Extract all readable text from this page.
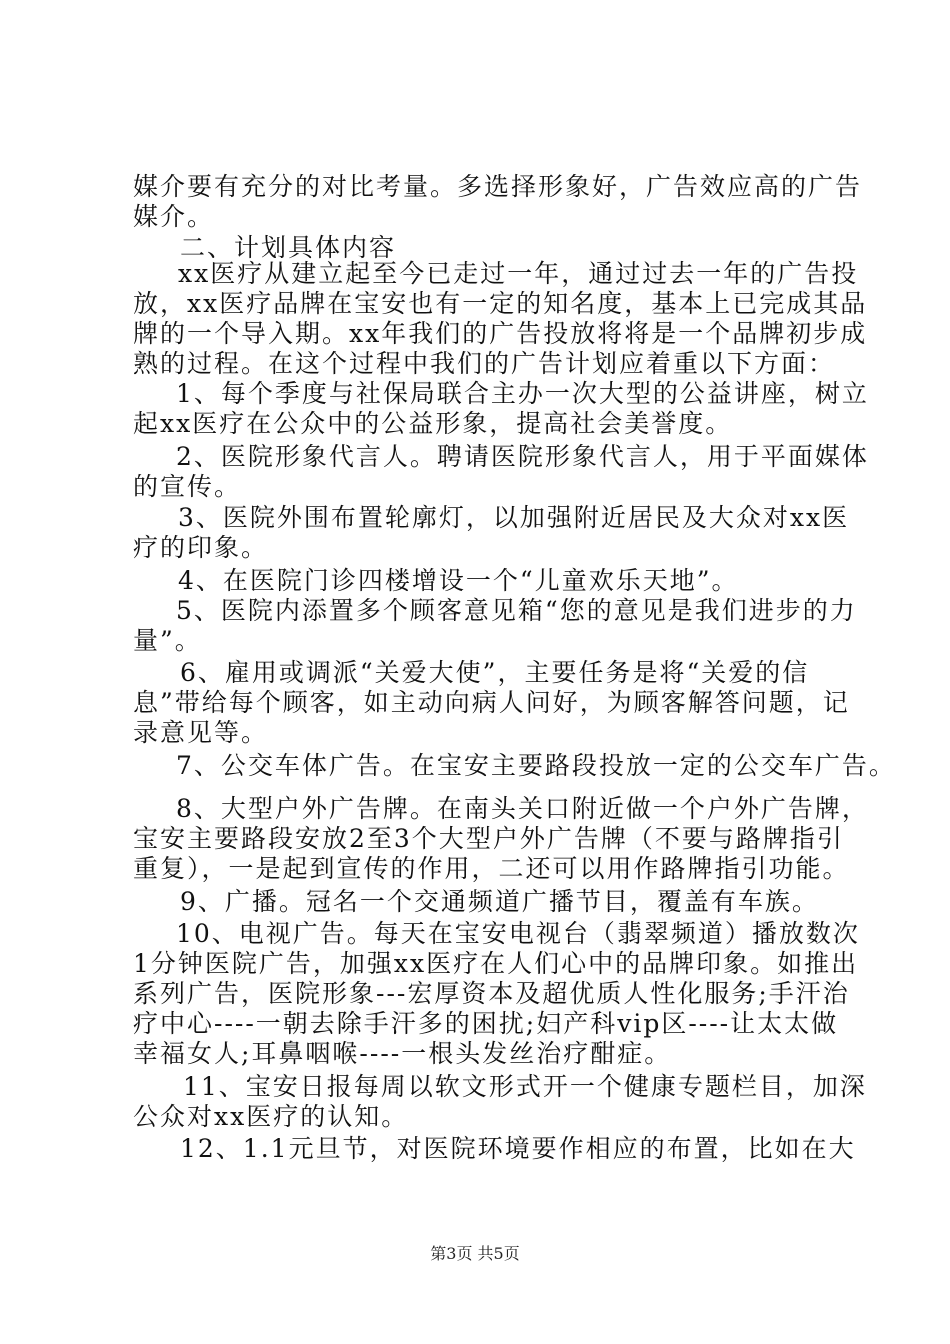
媒介要有充分的对比考量。多选择形象好，广告效应高的广告
媒介。
二、计划具体内容
xx医疗从建立起至今已走过一年，通过过去一年的广告投
放，xx医疗品牌在宝安也有一定的知名度，基本上已完成其品
牌的一个导入期。xx年我们的广告投放将将是一个品牌初步成
熟的过程。在这个过程中我们的广告计划应着重以下方面：
1、每个季度与社保局联合主办一次大型的公益讲座，树立
起xx医疗在公众中的公益形象，提高社会美誉度。
2、医院形象代言人。聘请医院形象代言人，用于平面媒体
的宣传。
3、医院外围布置轮廓灯，以加强附近居民及大众对xx医
疗的印象。
4、在医院门诊四楼增设一个“儿童欢乐天地”。
5、医院内添置多个顾客意见箱“您的意见是我们进步的力
量”。
6、雇用或调派“关爱大使”，主要任务是将“关爱的信
息”带给每个顾客，如主动向病人问好，为顾客解答问题，记
录意见等。
7、公交车体广告。在宝安主要路段投放一定的公交车广告。
8、大型户外广告牌。在南头关口附近做一个户外广告牌，
宝安主要路段安放2至3个大型户外广告牌（不要与路牌指引
重复），一是起到宣传的作用，二还可以用作路牌指引功能。
9、广播。冠名一个交通频道广播节目，覆盖有车族。
10、电视广告。每天在宝安电视台（翡翠频道）播放数次
1分钟医院广告，加强xx医疗在人们心中的品牌印象。如推出
系列广告，医院形象---宏厚资本及超优质人性化服务;手汗治
疗中心----一朝去除手汗多的困扰;妇产科vip区----让太太做
幸福女人;耳鼻咽喉----一根头发丝治疗酣症。
11、宝安日报每周以软文形式开一个健康专题栏目，加深
公众对xx医疗的认知。
12、1.1元旦节，对医院环境要作相应的布置，比如在大
第3页 共5页
